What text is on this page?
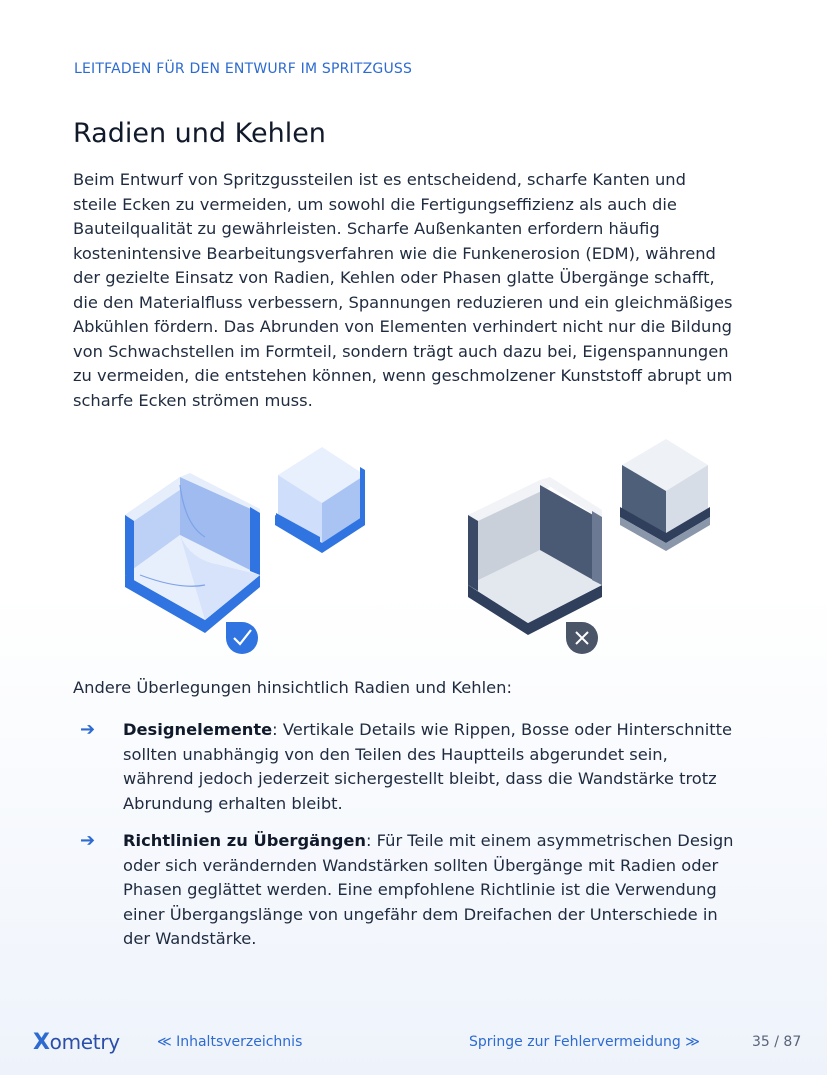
LEITFADEN FÜR DEN ENTWURF IM SPRITZGUSS
Radien und Kehlen

Beim Entwurf von Spritzgussteilen ist es entscheidend, scharfe Kanten und steile Ecken zu vermeiden, um sowohl die Fertigungseffizienz als auch die Bauteilqualität zu gewährleisten. Scharfe Außenkanten erfordern häufig kostenintensive Bearbeitungsverfahren wie die Funkenerosion (EDM), während der gezielte Einsatz von Radien, Kehlen oder Phasen glatte Übergänge schafft, die den Materialfluss verbessern, Spannungen reduzieren und ein gleichmäßiges Abkühlen fördern. Das Abrunden von Elementen verhindert nicht nur die Bildung von Schwachstellen im Formteil, sondern trägt auch dazu bei, Eigenspannungen zu vermeiden, die entstehen können, wenn geschmolzener Kunststoff abrupt um scharfe Ecken strömen muss.

Andere Überlegungen hinsichtlich Radien und Kehlen:

➔ Designelemente: Vertikale Details wie Rippen, Bosse oder Hinterschnitte sollten unabhängig von den Teilen des Hauptteils abgerundet sein, während jedoch jederzeit sichergestellt bleibt, dass die Wandstärke trotz Abrundung erhalten bleibt.
➔ Richtlinien zu Übergängen: Für Teile mit einem asymmetrischen Design oder sich verändernden Wandstärken sollten Übergänge mit Radien oder Phasen geglättet werden. Eine empfohlene Richtlinie ist die Verwendung einer Übergangslänge von ungefähr dem Dreifachen der Unterschiede in der Wandstärke.
Xometry	≪ Inhaltsverzeichnis	Springe zur Fehlervermeidung ≫	35 / 87
